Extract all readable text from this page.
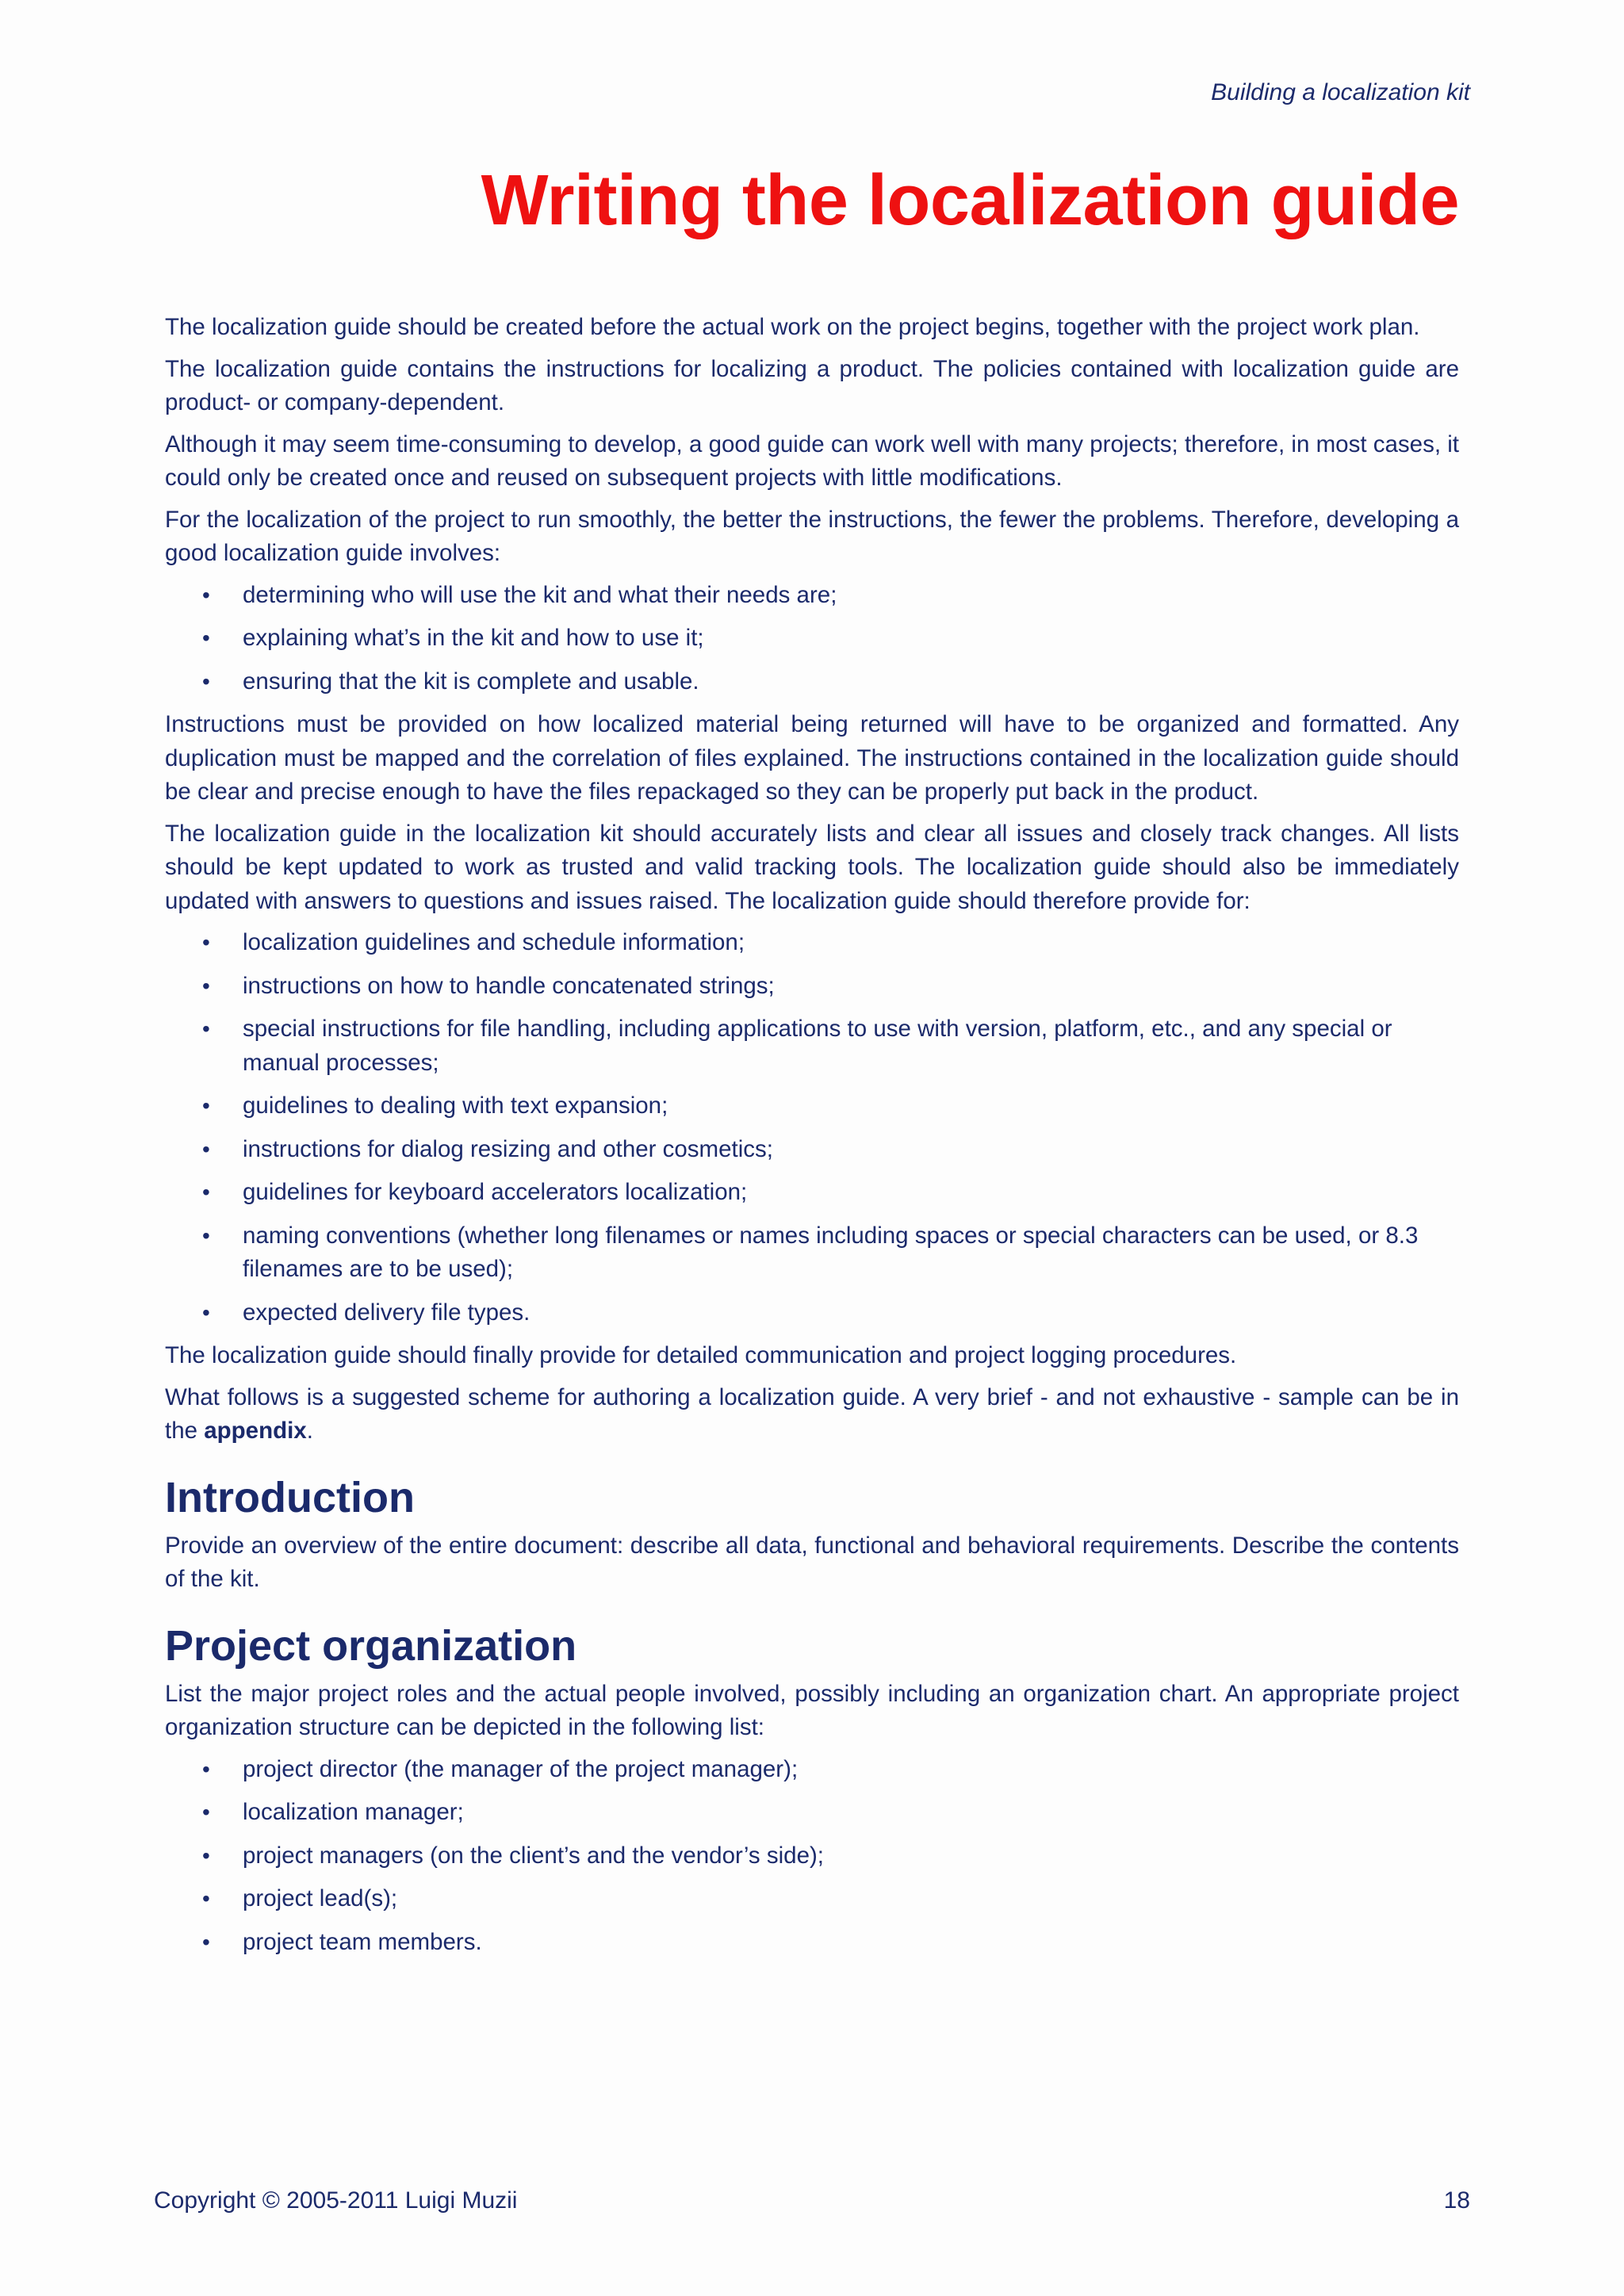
Building a localization kit
Writing the localization guide

The localization guide should be created before the actual work on the project begins, together with the project work plan.

The localization guide contains the instructions for localizing a product. The policies contained with localization guide are product- or company-dependent.

Although it may seem time-consuming to develop, a good guide can work well with many projects; therefore, in most cases, it could only be created once and reused on subsequent projects with little modifications.

For the localization of the project to run smoothly, the better the instructions, the fewer the problems. Therefore, developing a good localization guide involves:

• determining who will use the kit and what their needs are;
• explaining what’s in the kit and how to use it;
• ensuring that the kit is complete and usable.

Instructions must be provided on how localized material being returned will have to be organized and formatted. Any duplication must be mapped and the correlation of files explained. The instructions contained in the localization guide should be clear and precise enough to have the files repackaged so they can be properly put back in the product.

The localization guide in the localization kit should accurately lists and clear all issues and closely track changes. All lists should be kept updated to work as trusted and valid tracking tools. The localization guide should also be immediately updated with answers to questions and issues raised. The localization guide should therefore provide for:

• localization guidelines and schedule information;
• instructions on how to handle concatenated strings;
• special instructions for file handling, including applications to use with version, platform, etc., and any special or manual processes;
• guidelines to dealing with text expansion;
• instructions for dialog resizing and other cosmetics;
• guidelines for keyboard accelerators localization;
• naming conventions (whether long filenames or names including spaces or special characters can be used, or 8.3 filenames are to be used);
• expected delivery file types.

The localization guide should finally provide for detailed communication and project logging procedures.

What follows is a suggested scheme for authoring a localization guide. A very brief - and not exhaustive - sample can be in the appendix.

Introduction

Provide an overview of the entire document: describe all data, functional and behavioral requirements. Describe the contents of the kit.

Project organization

List the major project roles and the actual people involved, possibly including an organization chart. An appropriate project organization structure can be depicted in the following list:

• project director (the manager of the project manager);
• localization manager;
• project managers (on the client’s and the vendor’s side);
• project lead(s);
• project team members.
Copyright © 2005-2011 Luigi Muzii	18
